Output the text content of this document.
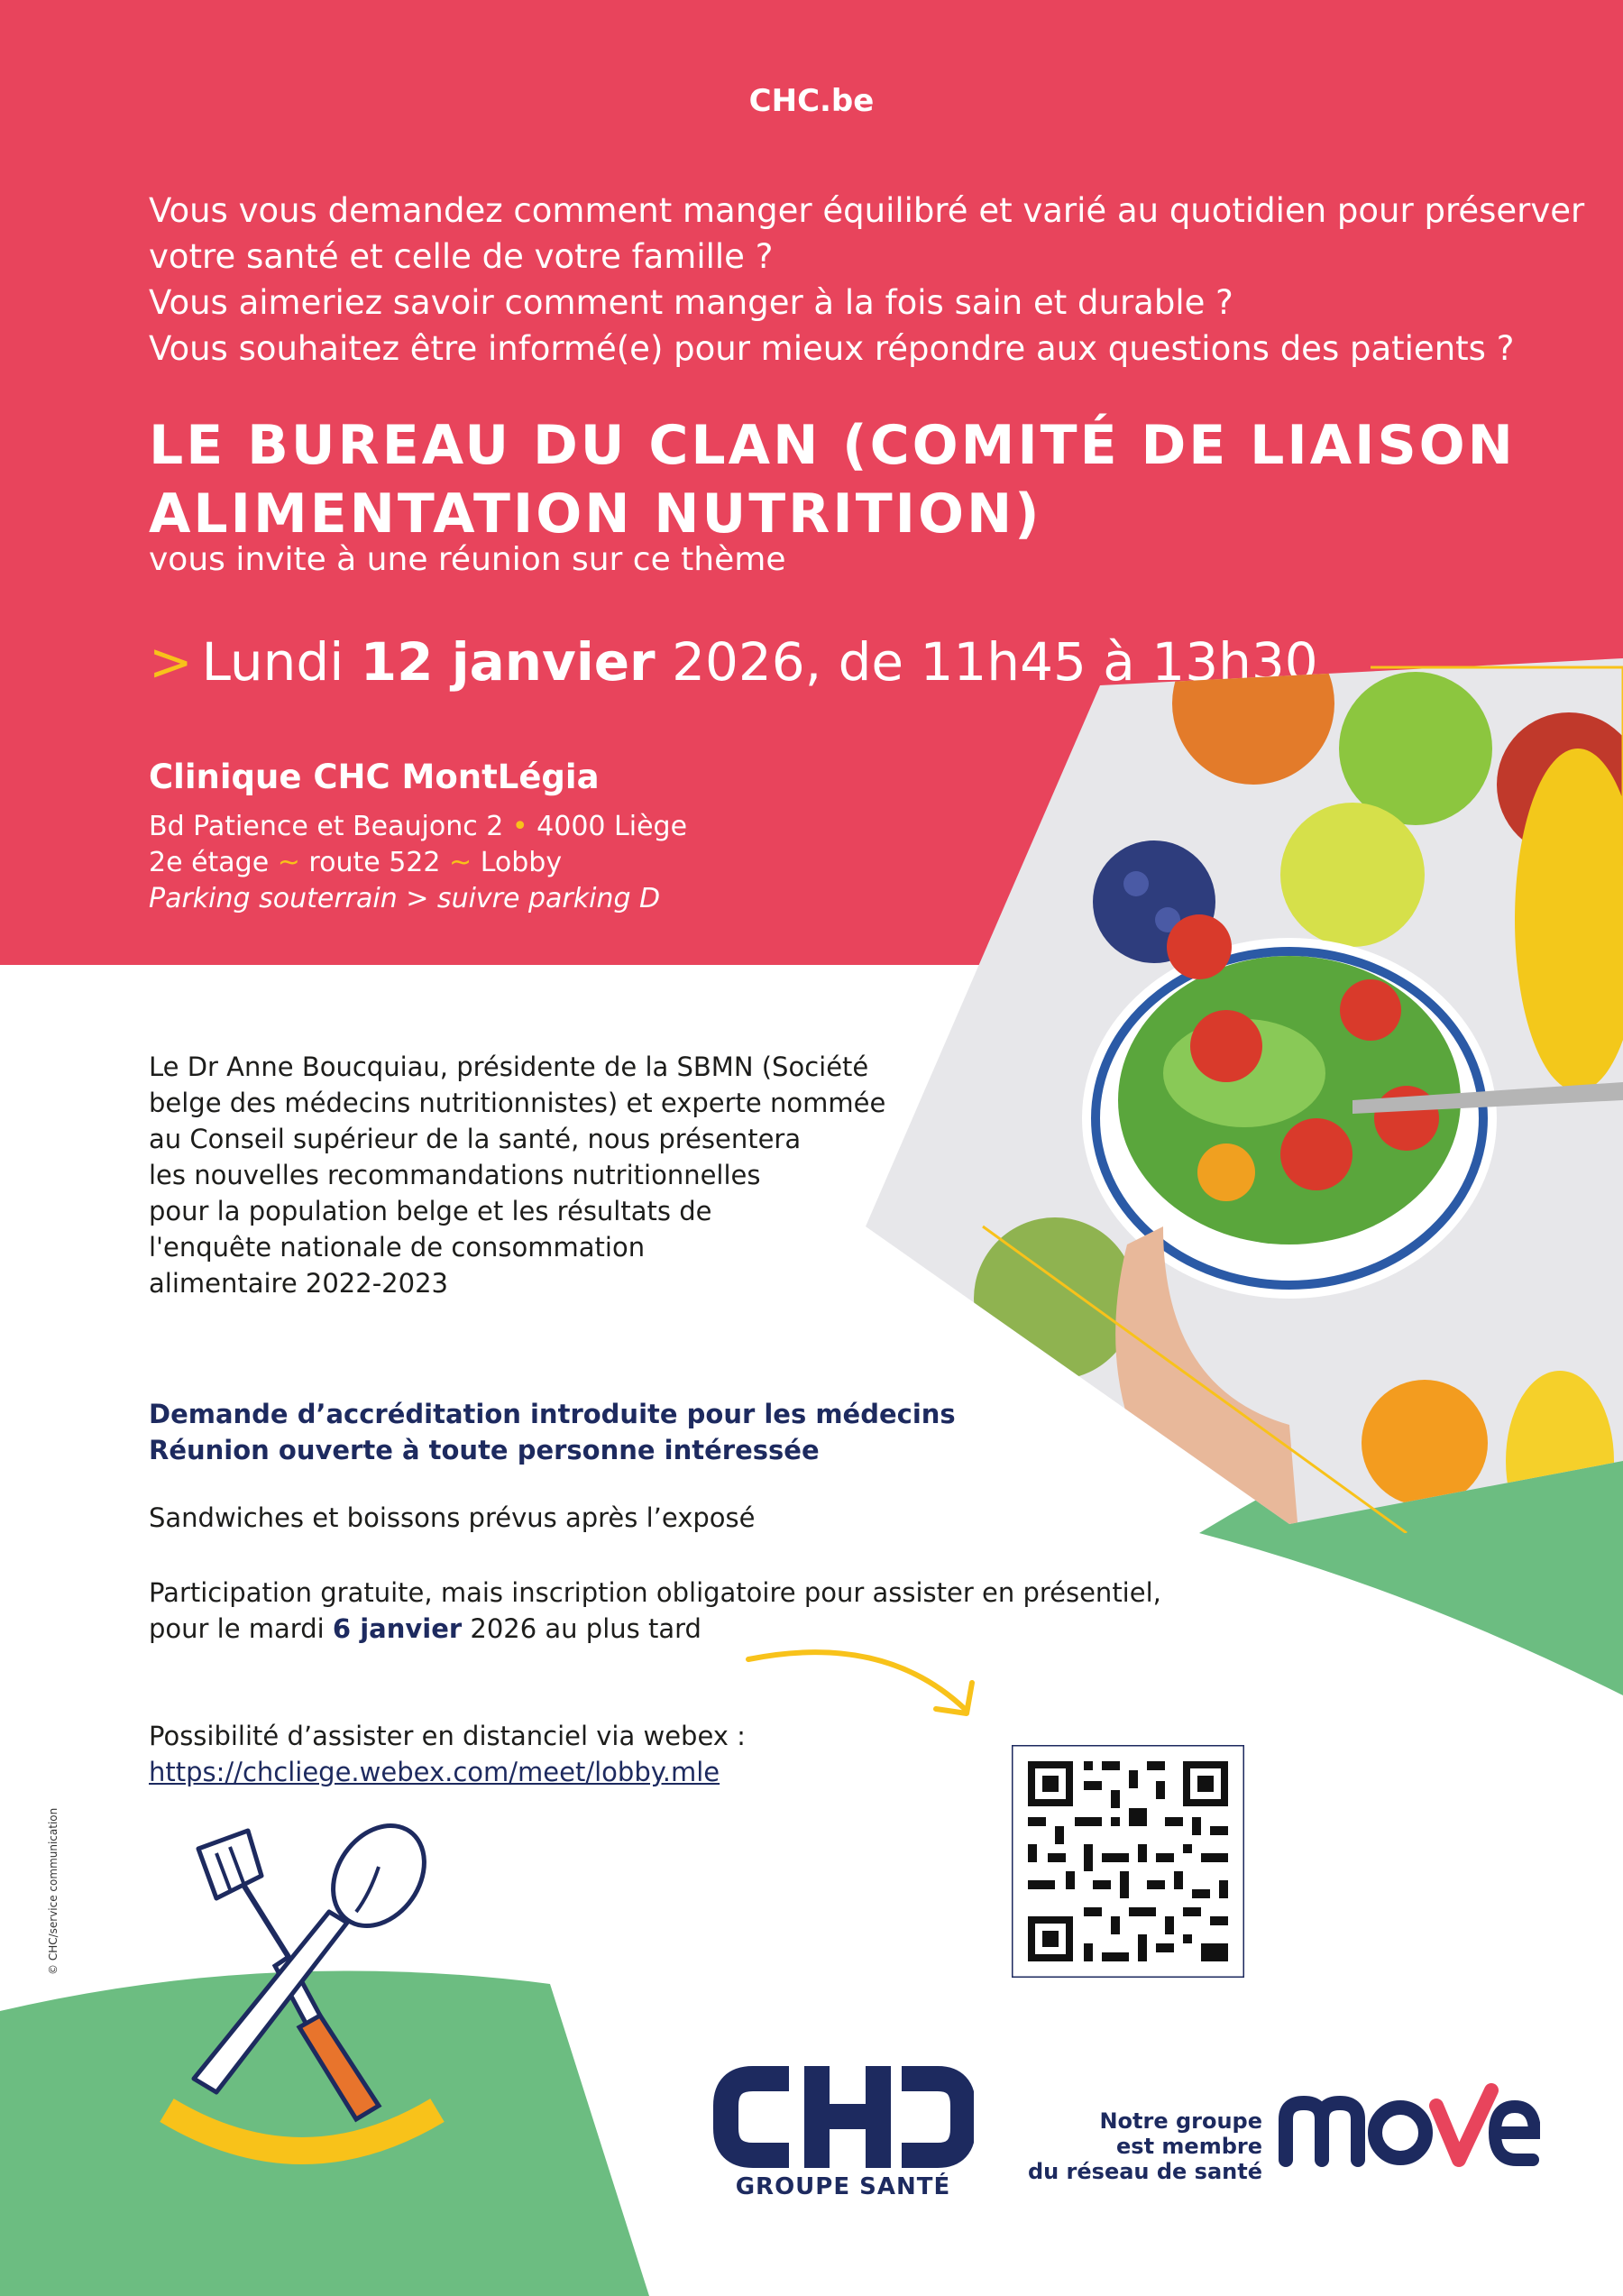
CHC.be
Vous vous demandez comment manger équilibré et varié au quotidien pour préserver
votre santé et celle de votre famille ?
Vous aimeriez savoir comment manger à la fois sain et durable ?
Vous souhaitez être informé(e) pour mieux répondre aux questions des patients ?
LE BUREAU DU CLAN (COMITÉ DE LIAISON
ALIMENTATION NUTRITION)
vous invite à une réunion sur ce thème
> Lundi 12 janvier 2026, de 11h45 à 13h30
Clinique CHC MontLégia
Bd Patience et Beaujonc 2 • 4000 Liège
2e étage ~ route 522 ~ Lobby
Parking souterrain > suivre parking D
Le Dr Anne Boucquiau, présidente de la SBMN (Société
belge des médecins nutritionnistes) et experte nommée
au Conseil supérieur de la santé, nous présentera
les nouvelles recommandations nutritionnelles
pour la population belge et les résultats de
l'enquête nationale de consommation
alimentaire 2022-2023
Demande d’accréditation introduite pour les médecins
Réunion ouverte à toute personne intéressée
Sandwiches et boissons prévus après l’exposé
Participation gratuite, mais inscription obligatoire pour assister en présentiel,
pour le mardi 6 janvier 2026 au plus tard
Possibilité d’assister en distanciel via webex :
https://chcliege.webex.com/meet/lobby.mle
© CHC/service communication
GROUPE SANTÉ
Notre groupe
est membre
du réseau de santé
